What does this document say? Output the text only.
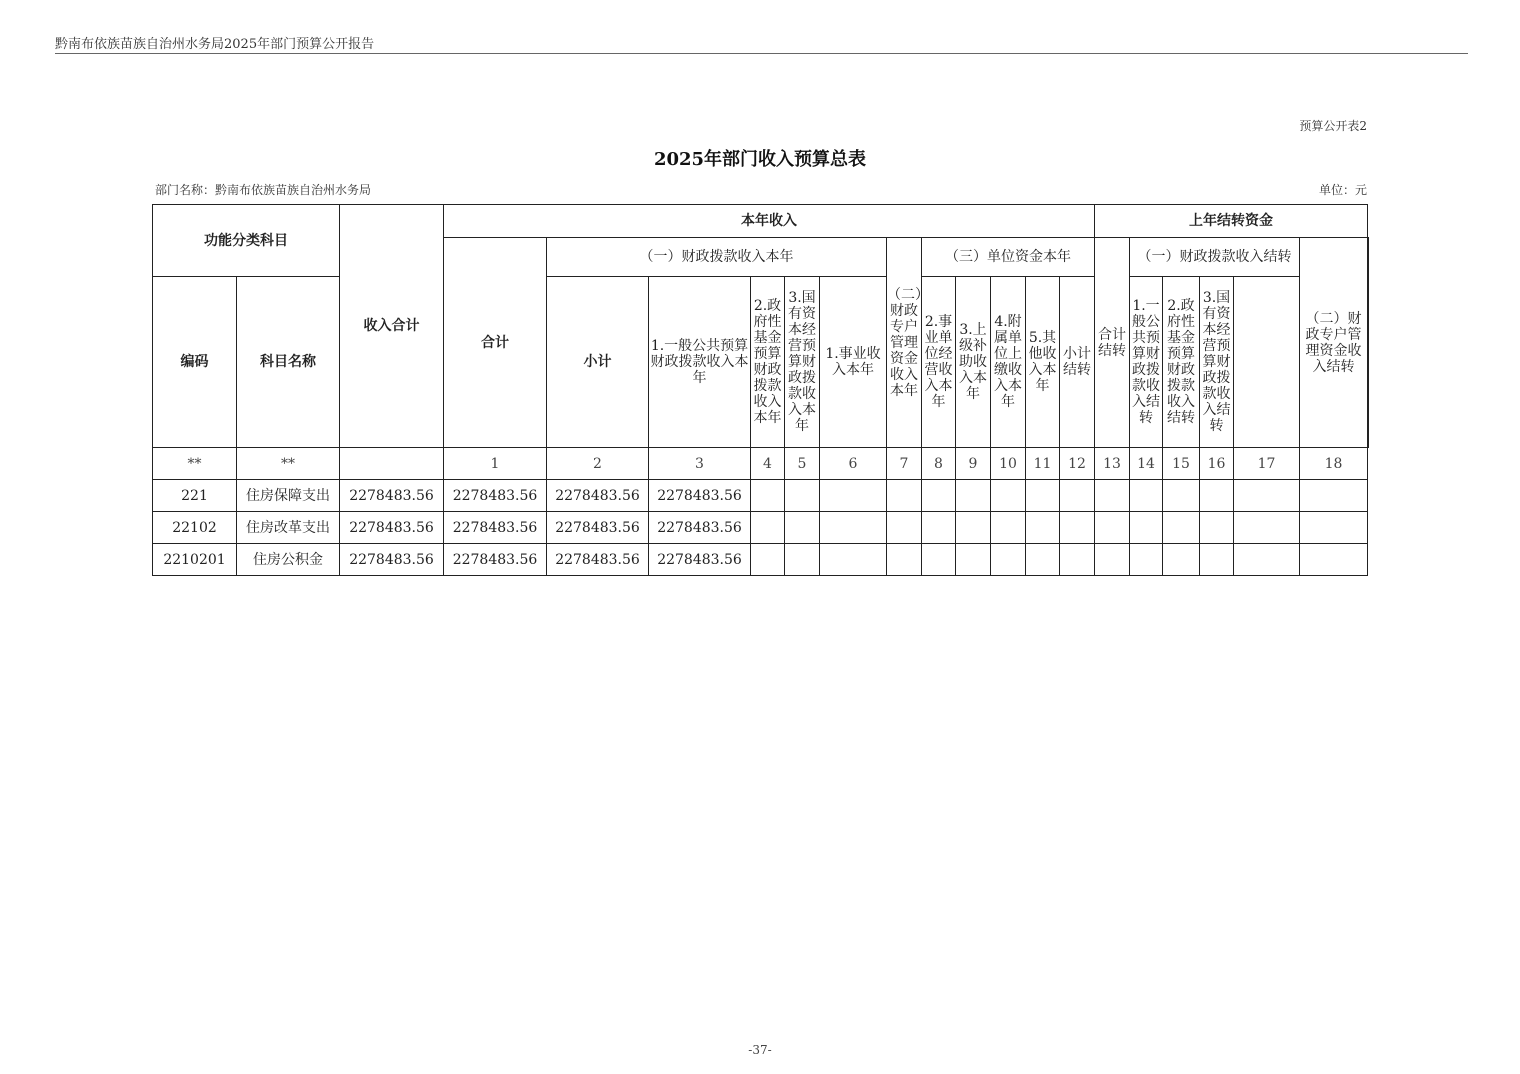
黔南布依族苗族自治州水务局2025年部门预算公开报告
预算公开表2
2025年部门收入预算总表
部门名称：黔南布依族苗族自治州水务局	单位：元
功能分类科目		收入合计	本年收入												上年结转资金						
			合计	（一）财政拨款收入本年					（二）财政专户管理资金收入本年	（三）单位资金本年					合计结转	（一）财政拨款收入结转				（二）财政专户管理资金收入结转	
编码	科目名称			小计	1.一般公共预算财政拨款收入本年	2.政府性基金预算财政拨款收入本年	3.国有资本经营预算财政拨款收入本年	1.事业收入本年		2.事业单位经营收入本年	3.上级补助收入本年	4.附属单位上缴收入本年	5.其他收入本年	小计结转		1.一般公共预算财政拨款收入结转	2.政府性基金预算财政拨款收入结转	3.国有资本经营预算财政拨款收入结转			
**	**		1	2	3	4	5	6	7	8	9	10	11	12	13	14	15	16	17	18	
221	住房保障支出	2278483.56	2278483.56	2278483.56	2278483.56																
22102	住房改革支出	2278483.56	2278483.56	2278483.56	2278483.56																
2210201	住房公积金	2278483.56	2278483.56	2278483.56	2278483.56																
-37-
